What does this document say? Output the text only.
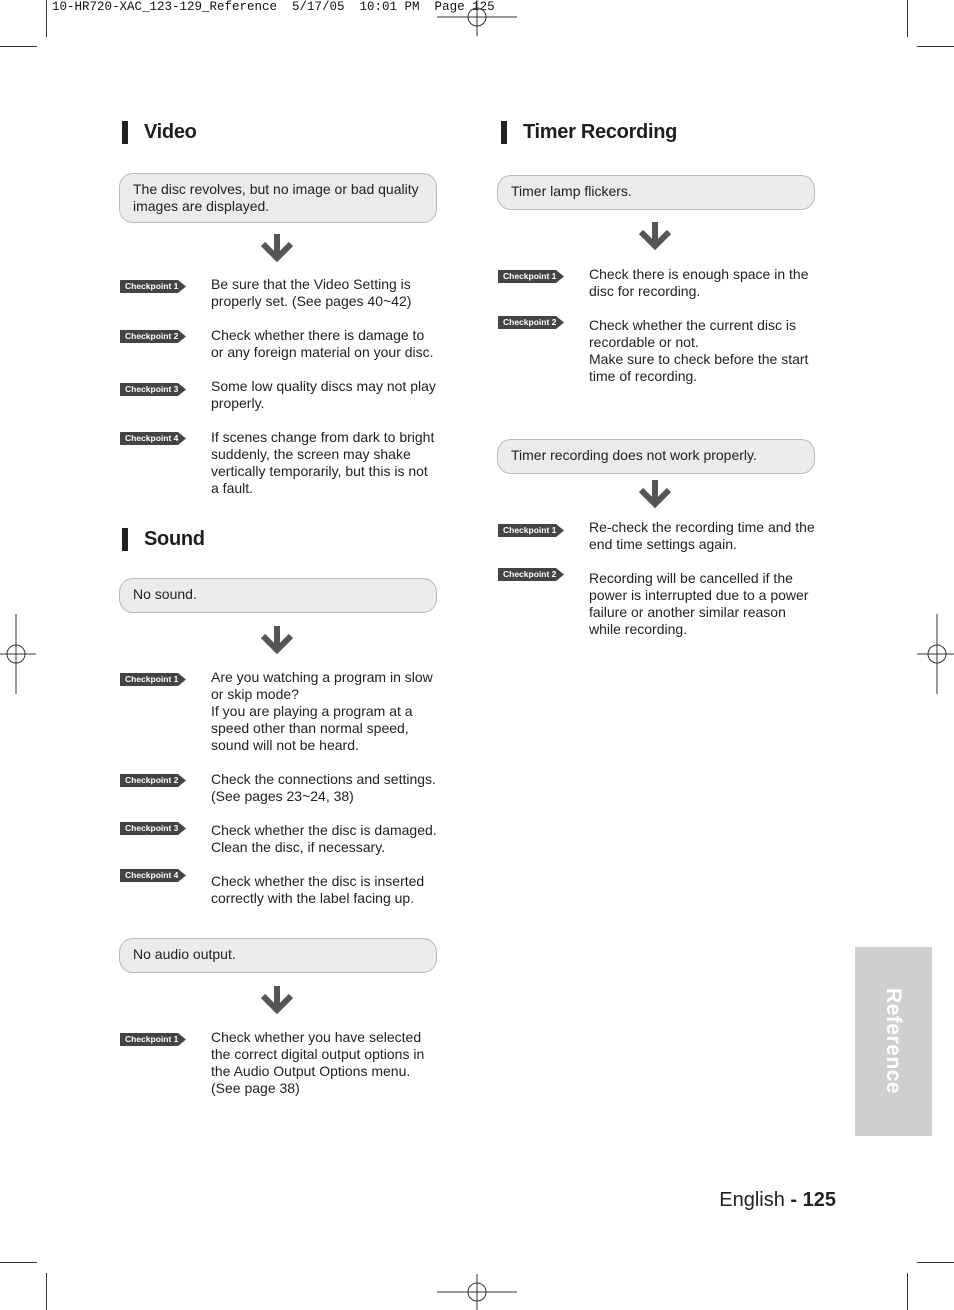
10-HR720-XAC_123-129_Reference  5/17/05  10:01 PM  Page 125
Video
The disc revolves, but no image or bad quality images are displayed.
Checkpoint 1	Be sure that the Video Setting is properly set. (See pages 40~42)
Checkpoint 2	Check whether there is damage to or any foreign material on your disc.
Checkpoint 3	Some low quality discs may not play properly.
Checkpoint 4	If scenes change from dark to bright suddenly, the screen may shake vertically temporarily, but this is not a fault.
Sound
No sound.
Checkpoint 1	Are you watching a program in slow or skip mode?
If you are playing a program at a speed other than normal speed, sound will not be heard.
Checkpoint 2	Check the connections and settings. (See pages 23~24, 38)
Checkpoint 3	Check whether the disc is damaged. Clean the disc, if necessary.
Checkpoint 4	Check whether the disc is inserted correctly with the label facing up.
No audio output.
Checkpoint 1	Check whether you have selected the correct digital output options in the Audio Output Options menu. (See page 38)
Timer Recording
Timer lamp flickers.
Checkpoint 1	Check there is enough space in the disc for recording.
Checkpoint 2	Check whether the current disc is recordable or not.
Make sure to check before the start time of recording.
Timer recording does not work properly.
Checkpoint 1	Re-check the recording time and the end time settings again.
Checkpoint 2	Recording will be cancelled if the power is interrupted due to a power failure or another similar reason while recording.
Reference
English - 125
